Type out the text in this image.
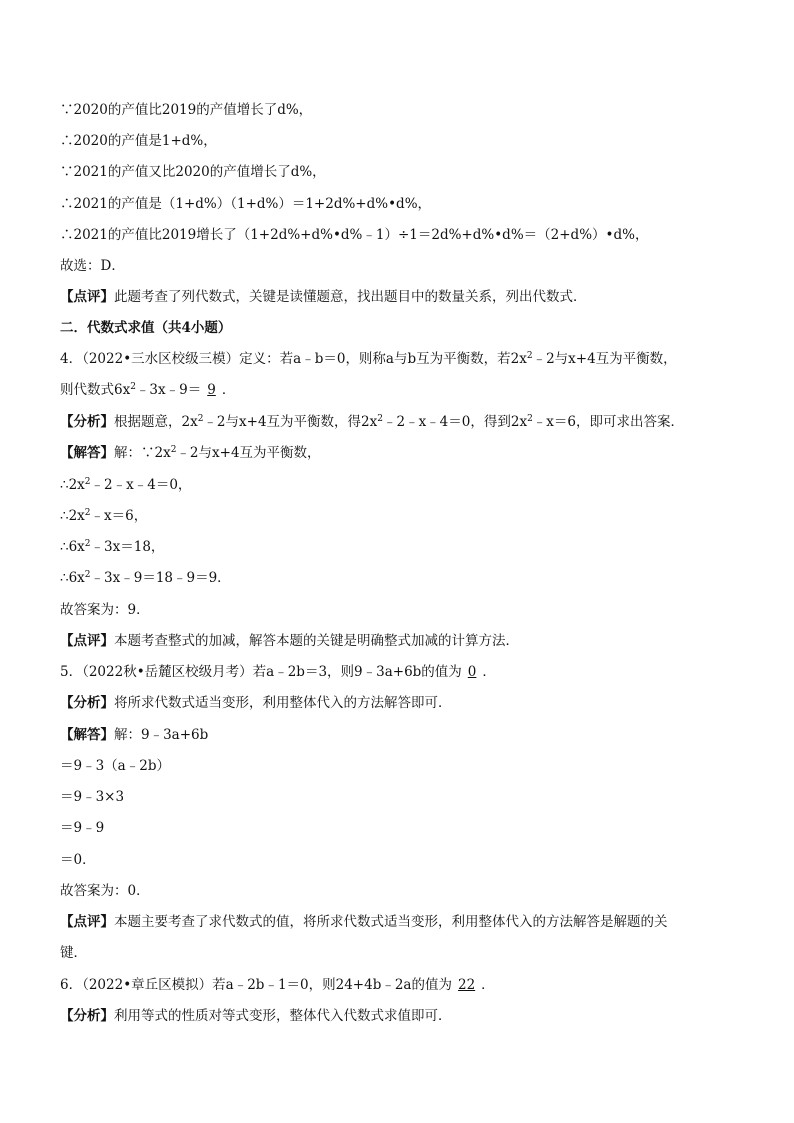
∵2020的产值比2019的产值增长了d%，
∴2020的产值是1+d%，
∵2021的产值又比2020的产值增长了d%，
∴2021的产值是（1+d%）（1+d%）＝1+2d%+d%•d%，
∴2021的产值比2019增长了（1+2d%+d%•d%﹣1）÷1＝2d%+d%•d%＝（2+d%）•d%，
故选：D．
【点评】此题考查了列代数式，关键是读懂题意，找出题目中的数量关系，列出代数式．
二．代数式求值（共4小题）
4．（2022•三水区校级三模）定义：若a﹣b＝0，则称a与b互为平衡数，若$2x^2﹣2$与x+4互为平衡数，
则代数式$6x^2﹣3x﹣9= 9$ ．
【分析】根据题意，$2x^2﹣2$与x+4互为平衡数，得$2x^2﹣2﹣x﹣4=0$，得到$2x^2﹣x=6$，即可求出答案．
【解答】解：$\because 2x^2﹣2$与x+4互为平衡数，
$\therefore 2x^2﹣2﹣x﹣4=0$，
$\therefore 2x^2﹣x=6$，
$\therefore 6x^2﹣3x=18$，
$\therefore 6x^2﹣3x﹣9=18﹣9=9$．
故答案为：9．
【点评】本题考查整式的加减，解答本题的关键是明确整式加减的计算方法．
5．（2022秋•岳麓区校级月考）若a﹣2b＝3，则9﹣3a+6b的值为 0 ．
【分析】将所求代数式适当变形，利用整体代入的方法解答即可．
【解答】解：9﹣3a+6b
＝9﹣3（a﹣2b）
＝9﹣3×3
＝9﹣9
＝0．
故答案为：0．
【点评】本题主要考查了求代数式的值，将所求代数式适当变形，利用整体代入的方法解答是解题的关
键．
6．（2022•章丘区模拟）若a﹣2b﹣1＝0，则24+4b﹣2a的值为 22 ．
【分析】利用等式的性质对等式变形，整体代入代数式求值即可．
